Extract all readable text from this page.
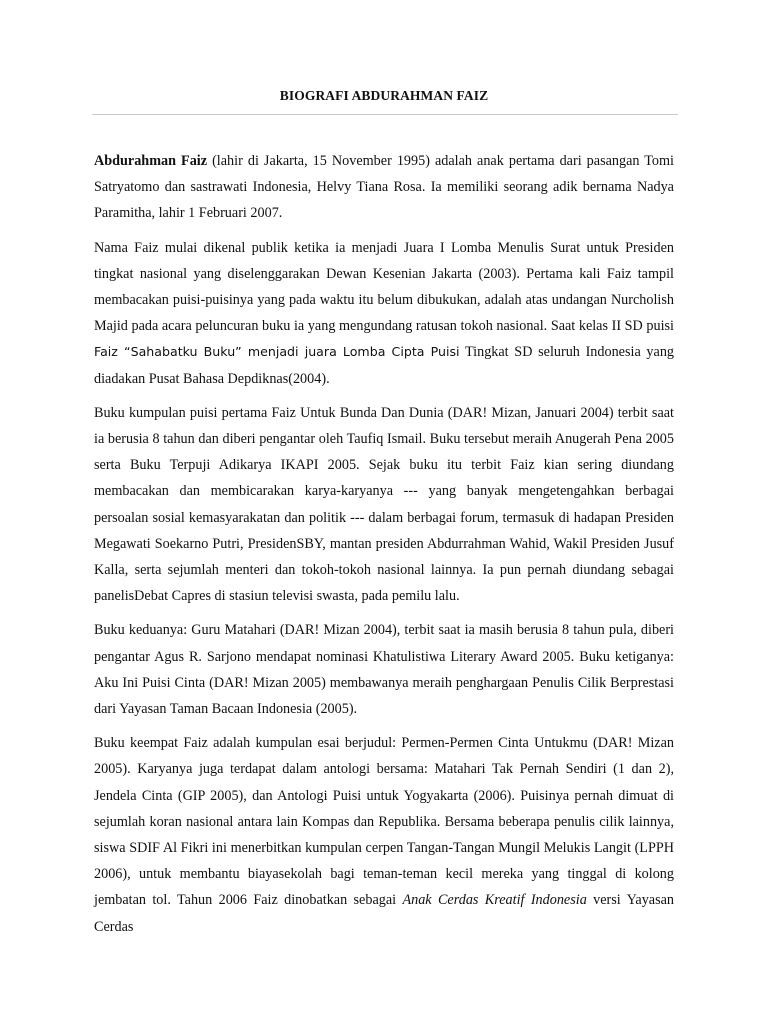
BIOGRAFI ABDURAHMAN FAIZ

Abdurahman Faiz (lahir di Jakarta, 15 November 1995) adalah anak pertama dari pasangan Tomi Satryatomo dan sastrawati Indonesia, Helvy Tiana Rosa. Ia memiliki seorang adik bernama Nadya Paramitha, lahir 1 Februari 2007.

Nama Faiz mulai dikenal publik ketika ia menjadi Juara I Lomba Menulis Surat untuk Presiden tingkat nasional yang diselenggarakan Dewan Kesenian Jakarta (2003). Pertama kali Faiz tampil membacakan puisi-puisinya yang pada waktu itu belum dibukukan, adalah atas undangan Nurcholish Majid pada acara peluncuran buku ia yang mengundang ratusan tokoh nasional. Saat kelas II SD puisi Faiz “Sahabatku Buku” menjadi juara Lomba Cipta Puisi Tingkat SD seluruh Indonesia yang diadakan Pusat Bahasa Depdiknas(2004).

Buku kumpulan puisi pertama Faiz Untuk Bunda Dan Dunia (DAR! Mizan, Januari 2004) terbit saat ia berusia 8 tahun dan diberi pengantar oleh Taufiq Ismail. Buku tersebut meraih Anugerah Pena 2005 serta Buku Terpuji Adikarya IKAPI 2005. Sejak buku itu terbit Faiz kian sering diundang membacakan dan membicarakan karya-karyanya --- yang banyak mengetengahkan berbagai persoalan sosial kemasyarakatan dan politik --- dalam berbagai forum, termasuk di hadapan Presiden Megawati Soekarno Putri, PresidenSBY, mantan presiden Abdurrahman Wahid, Wakil Presiden Jusuf Kalla, serta sejumlah menteri dan tokoh-tokoh nasional lainnya. Ia pun pernah diundang sebagai panelisDebat Capres di stasiun televisi swasta, pada pemilu lalu.

Buku keduanya: Guru Matahari (DAR! Mizan 2004), terbit saat ia masih berusia 8 tahun pula, diberi pengantar Agus R. Sarjono mendapat nominasi Khatulistiwa Literary Award 2005. Buku ketiganya: Aku Ini Puisi Cinta (DAR! Mizan 2005) membawanya meraih penghargaan Penulis Cilik Berprestasi dari Yayasan Taman Bacaan Indonesia (2005).

Buku keempat Faiz adalah kumpulan esai berjudul: Permen-Permen Cinta Untukmu (DAR! Mizan 2005). Karyanya juga terdapat dalam antologi bersama: Matahari Tak Pernah Sendiri (1 dan 2), Jendela Cinta (GIP 2005), dan Antologi Puisi untuk Yogyakarta (2006). Puisinya pernah dimuat di sejumlah koran nasional antara lain Kompas dan Republika. Bersama beberapa penulis cilik lainnya, siswa SDIF Al Fikri ini menerbitkan kumpulan cerpen Tangan-Tangan Mungil Melukis Langit (LPPH 2006), untuk membantu biayasekolah bagi teman-teman kecil mereka yang tinggal di kolong jembatan tol. Tahun 2006 Faiz dinobatkan sebagai Anak Cerdas Kreatif Indonesia versi Yayasan Cerdas
